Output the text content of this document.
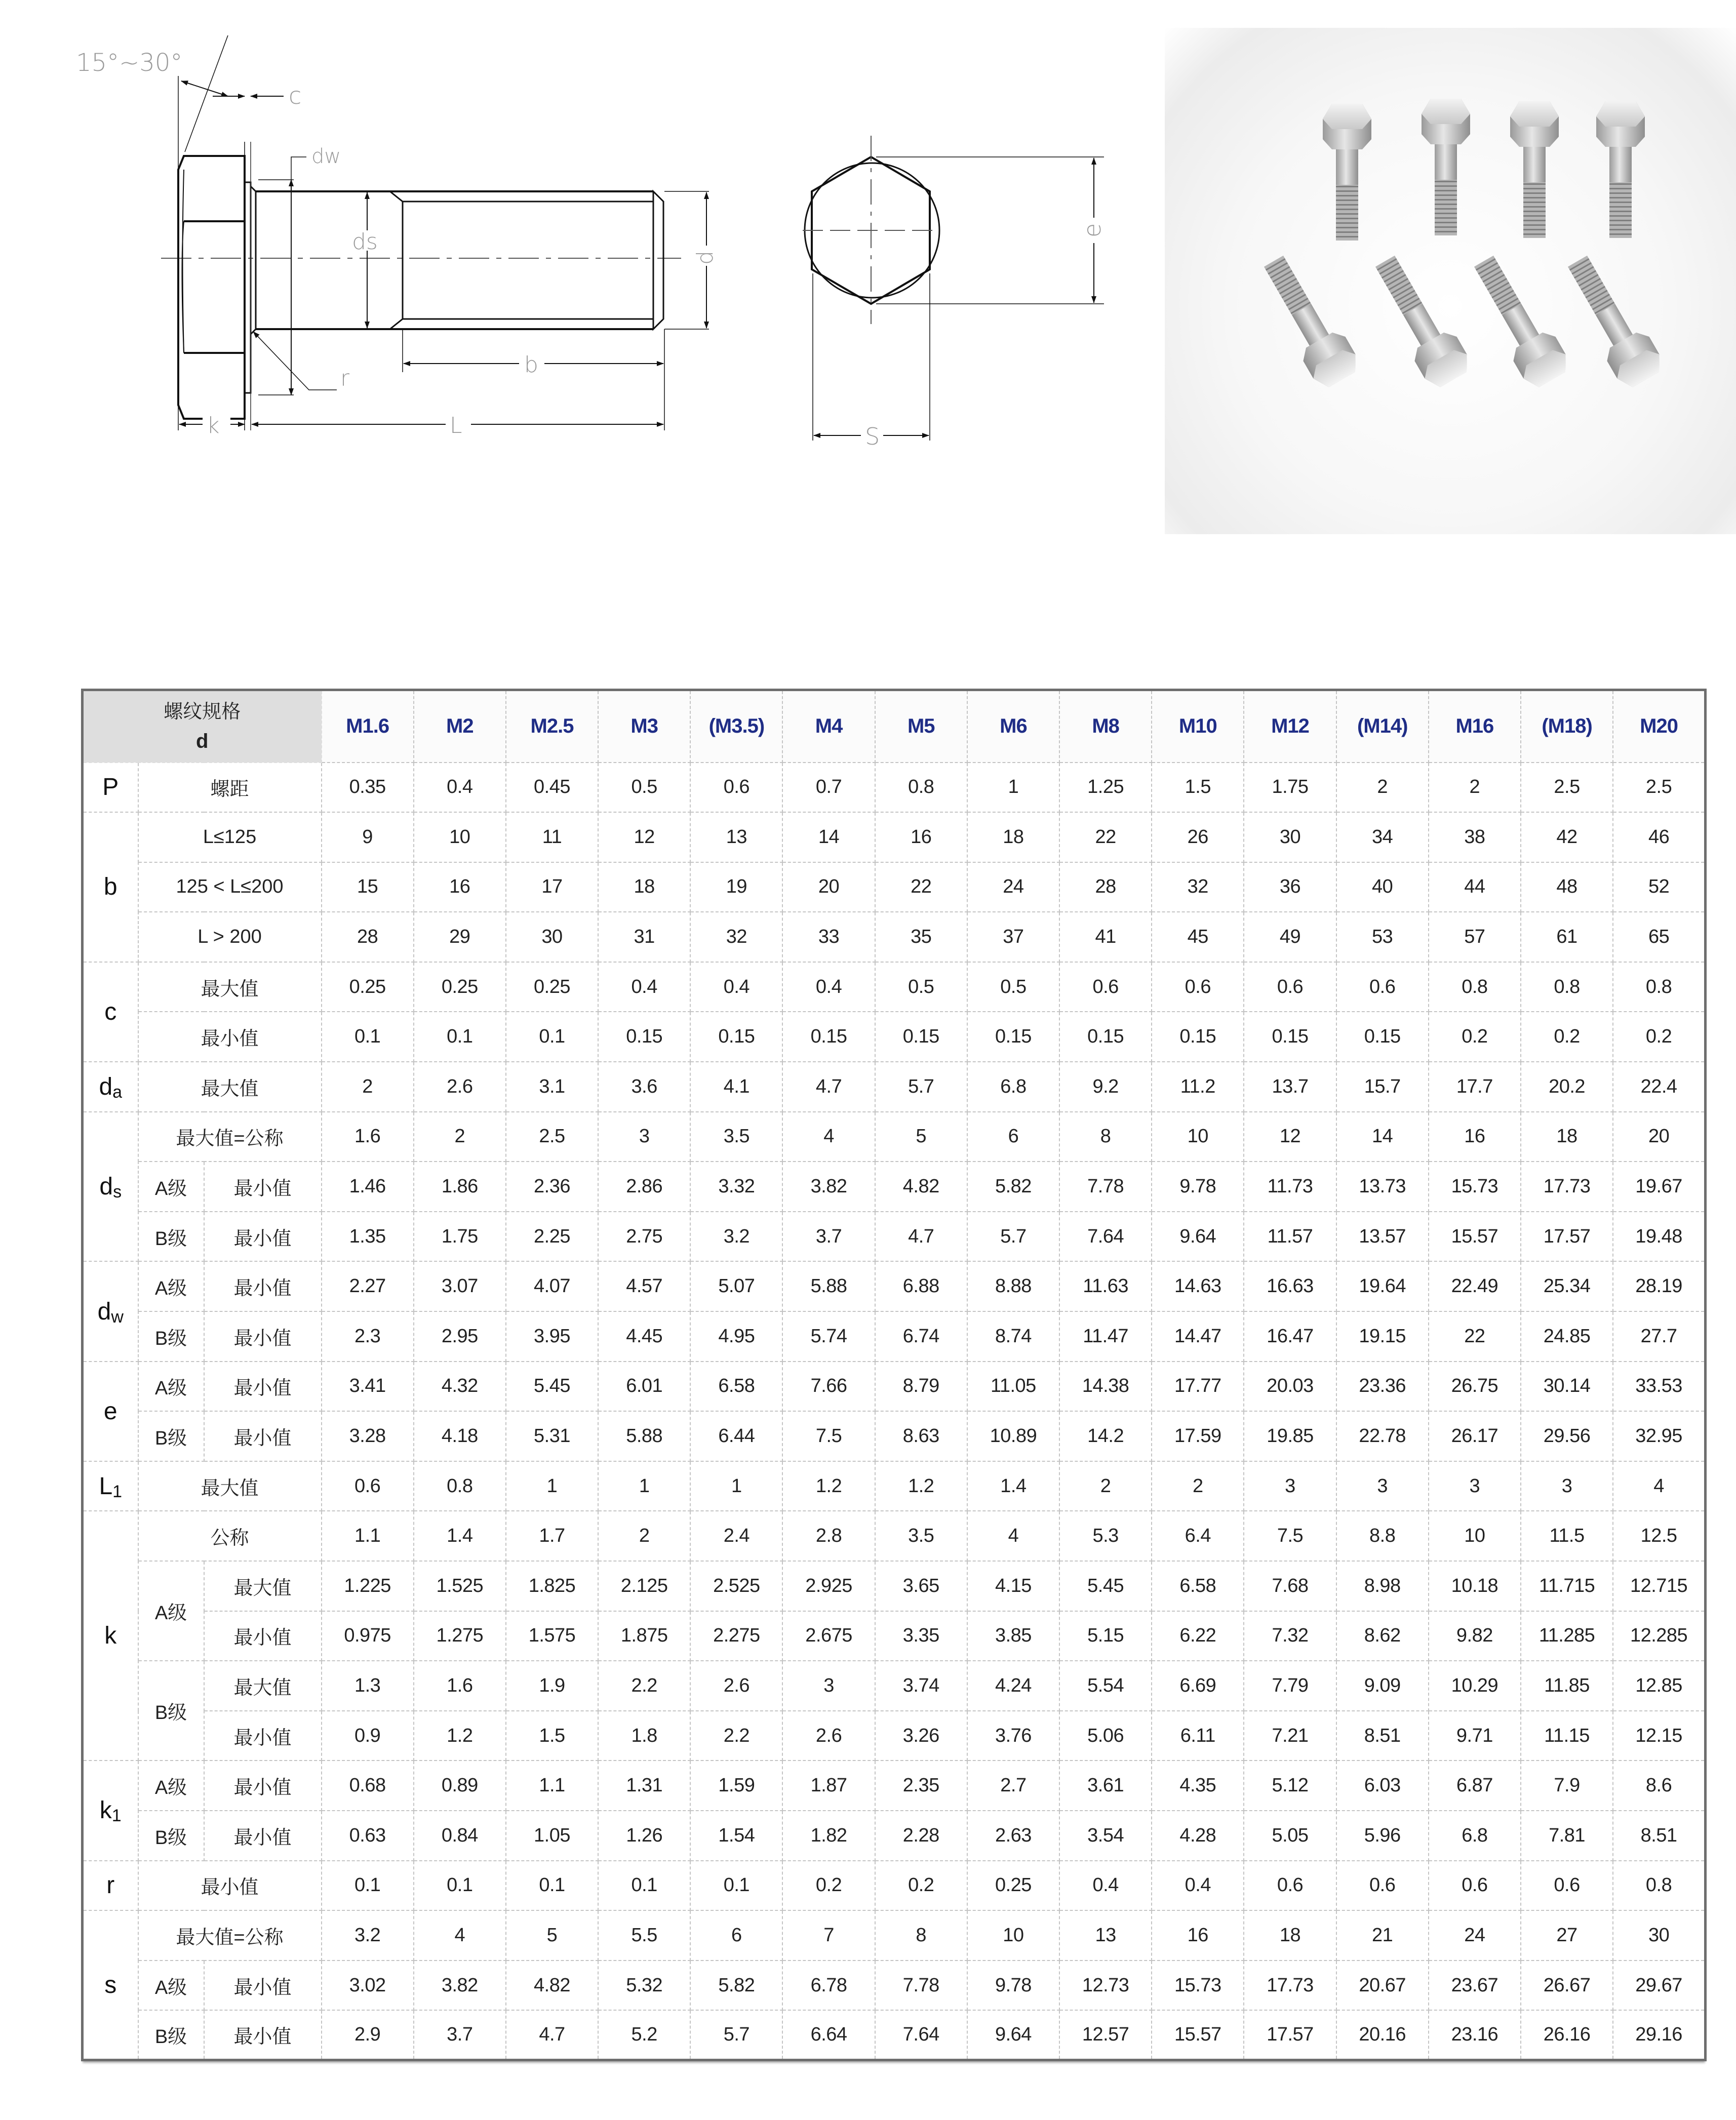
15°~30°
c
dw
ds
d
r
b
k	L
e
S
螺纹规格
d			M1.6	M2	M2.5	M3	(M3.5)	M4	M5	M6	M8	M10	M12	(M14)	M16	(M18)	M20
P	螺距		0.35	0.4	0.45	0.5	0.6	0.7	0.8	1	1.25	1.5	1.75	2	2	2.5	2.5
b	L≤125		9	10	11	12	13	14	16	18	22	26	30	34	38	42	46
	125 < L≤200		15	16	17	18	19	20	22	24	28	32	36	40	44	48	52
	L > 200		28	29	30	31	32	33	35	37	41	45	49	53	57	61	65
c	最大值		0.25	0.25	0.25	0.4	0.4	0.4	0.5	0.5	0.6	0.6	0.6	0.6	0.8	0.8	0.8
	最小值		0.1	0.1	0.1	0.15	0.15	0.15	0.15	0.15	0.15	0.15	0.15	0.15	0.2	0.2	0.2
$d_a$	最大值		2	2.6	3.1	3.6	4.1	4.7	5.7	6.8	9.2	11.2	13.7	15.7	17.7	20.2	22.4
$d_s$	最大值=公称		1.6	2	2.5	3	3.5	4	5	6	8	10	12	14	16	18	20
	A级	最小值	1.46	1.86	2.36	2.86	3.32	3.82	4.82	5.82	7.78	9.78	11.73	13.73	15.73	17.73	19.67
	B级	最小值	1.35	1.75	2.25	2.75	3.2	3.7	4.7	5.7	7.64	9.64	11.57	13.57	15.57	17.57	19.48
$d_w$	A级	最小值	2.27	3.07	4.07	4.57	5.07	5.88	6.88	8.88	11.63	14.63	16.63	19.64	22.49	25.34	28.19
	B级	最小值	2.3	2.95	3.95	4.45	4.95	5.74	6.74	8.74	11.47	14.47	16.47	19.15	22	24.85	27.7
e	A级	最小值	3.41	4.32	5.45	6.01	6.58	7.66	8.79	11.05	14.38	17.77	20.03	23.36	26.75	30.14	33.53
	B级	最小值	3.28	4.18	5.31	5.88	6.44	7.5	8.63	10.89	14.2	17.59	19.85	22.78	26.17	29.56	32.95
$L_1$	最大值		0.6	0.8	1	1	1	1.2	1.2	1.4	2	2	3	3	3	3	4
k	公称		1.1	1.4	1.7	2	2.4	2.8	3.5	4	5.3	6.4	7.5	8.8	10	11.5	12.5
	A级	最大值	1.225	1.525	1.825	2.125	2.525	2.925	3.65	4.15	5.45	6.58	7.68	8.98	10.18	11.715	12.715
		最小值	0.975	1.275	1.575	1.875	2.275	2.675	3.35	3.85	5.15	6.22	7.32	8.62	9.82	11.285	12.285
	B级	最大值	1.3	1.6	1.9	2.2	2.6	3	3.74	4.24	5.54	6.69	7.79	9.09	10.29	11.85	12.85
		最小值	0.9	1.2	1.5	1.8	2.2	2.6	3.26	3.76	5.06	6.11	7.21	8.51	9.71	11.15	12.15
$k_1$	A级	最小值	0.68	0.89	1.1	1.31	1.59	1.87	2.35	2.7	3.61	4.35	5.12	6.03	6.87	7.9	8.6
	B级	最小值	0.63	0.84	1.05	1.26	1.54	1.82	2.28	2.63	3.54	4.28	5.05	5.96	6.8	7.81	8.51
r	最小值		0.1	0.1	0.1	0.1	0.1	0.2	0.2	0.25	0.4	0.4	0.6	0.6	0.6	0.6	0.8
s	最大值=公称		3.2	4	5	5.5	6	7	8	10	13	16	18	21	24	27	30
	A级	最小值	3.02	3.82	4.82	5.32	5.82	6.78	7.78	9.78	12.73	15.73	17.73	20.67	23.67	26.67	29.67
	B级	最小值	2.9	3.7	4.7	5.2	5.7	6.64	7.64	9.64	12.57	15.57	17.57	20.16	23.16	26.16	29.16
